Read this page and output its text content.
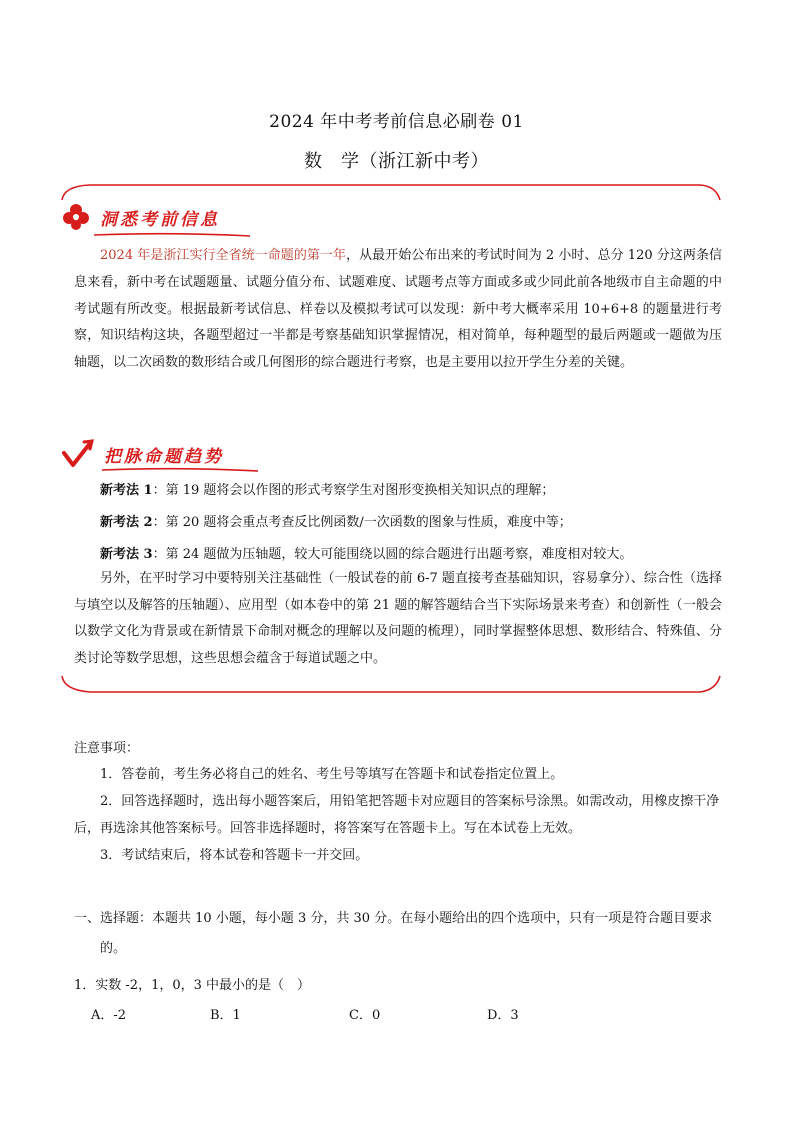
2024 年中考考前信息必刷卷 01
数　学（浙江新中考）
洞悉考前信息

2024 年是浙江实行全省统一命题的第一年，从最开始公布出来的考试时间为 2 小时、总分 120 分这两条信息来看，新中考在试题题量、试题分值分布、试题难度、试题考点等方面或多或少同此前各地级市自主命题的中考试题有所改变。根据最新考试信息、样卷以及模拟考试可以发现：新中考大概率采用 10+6+8 的题量进行考察，知识结构这块，各题型超过一半都是考察基础知识掌握情况，相对简单，每种题型的最后两题或一题做为压轴题，以二次函数的数形结合或几何图形的综合题进行考察，也是主要用以拉开学生分差的关键。

把脉命题趋势
新考法 1：第 19 题将会以作图的形式考察学生对图形变换相关知识点的理解；
新考法 2：第 20 题将会重点考查反比例函数/一次函数的图象与性质，难度中等；
新考法 3：第 24 题做为压轴题，较大可能围绕以圆的综合题进行出题考察，难度相对较大。

另外，在平时学习中要特别关注基础性（一般试卷的前 6-7 题直接考查基础知识，容易拿分）、综合性（选择与填空以及解答的压轴题）、应用型（如本卷中的第 21 题的解答题结合当下实际场景来考查）和创新性（一般会以数学文化为背景或在新情景下命制对概念的理解以及问题的梳理），同时掌握整体思想、数形结合、特殊值、分类讨论等数学思想，这些思想会蕴含于每道试题之中。

注意事项：
1．答卷前，考生务必将自己的姓名、考生号等填写在答题卡和试卷指定位置上。
2．回答选择题时，选出每小题答案后，用铅笔把答题卡对应题目的答案标号涂黑。如需改动，用橡皮擦干净后，再选涂其他答案标号。回答非选择题时，将答案写在答题卡上。写在本试卷上无效。
3．考试结束后，将本试卷和答题卡一并交回。
一、选择题：本题共 10 小题，每小题 3 分，共 30 分。在每小题给出的四个选项中，只有一项是符合题目要求的。
1．实数 -2，1，0，3 中最小的是（　）
A．-2	B．1	C．0	D．3
